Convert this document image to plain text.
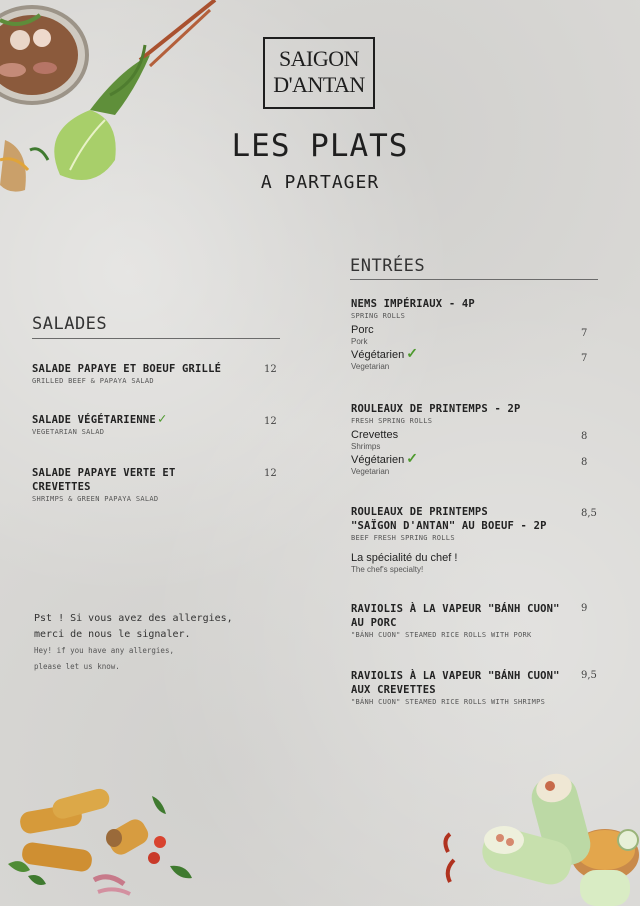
SAIGON
D'ANTAN
LES PLATS
A PARTAGER
SALADES
SALADE PAPAYE ET BOEUF GRILLÉ
GRILLED BEEF & PAPAYA SALAD
12
SALADE VÉGÉTARIENNE ✓
VEGETARIAN SALAD
12
SALADE PAPAYE VERTE ET
CREVETTES
SHRIMPS & GREEN PAPAYA SALAD
12
Pst ! Si vous avez des allergies,
merci de nous le signaler.
Hey! if you have any allergies,
please let us know.
ENTRÉES
NEMS IMPÉRIAUX - 4P
SPRING ROLLS
Porc
Pork
Végétarien ✓
Vegetarian
7
7
ROULEAUX DE PRINTEMPS - 2P
FRESH SPRING ROLLS
Crevettes
Shrimps
Végétarien ✓
Vegetarian
8
8
ROULEAUX DE PRINTEMPS
"SAÏGON D'ANTAN" AU BOEUF - 2P
BEEF FRESH SPRING ROLLS
La spécialité du chef !
The chef's specialty!
8,5
RAVIOLIS À LA VAPEUR "BÁNH CUON"
AU PORC
"BÁNH CUON" STEAMED RICE ROLLS WITH PORK
9
RAVIOLIS À LA VAPEUR "BÁNH CUON"
AUX CREVETTES
"BÁNH CUON" STEAMED RICE ROLLS WITH SHRIMPS
9,5
